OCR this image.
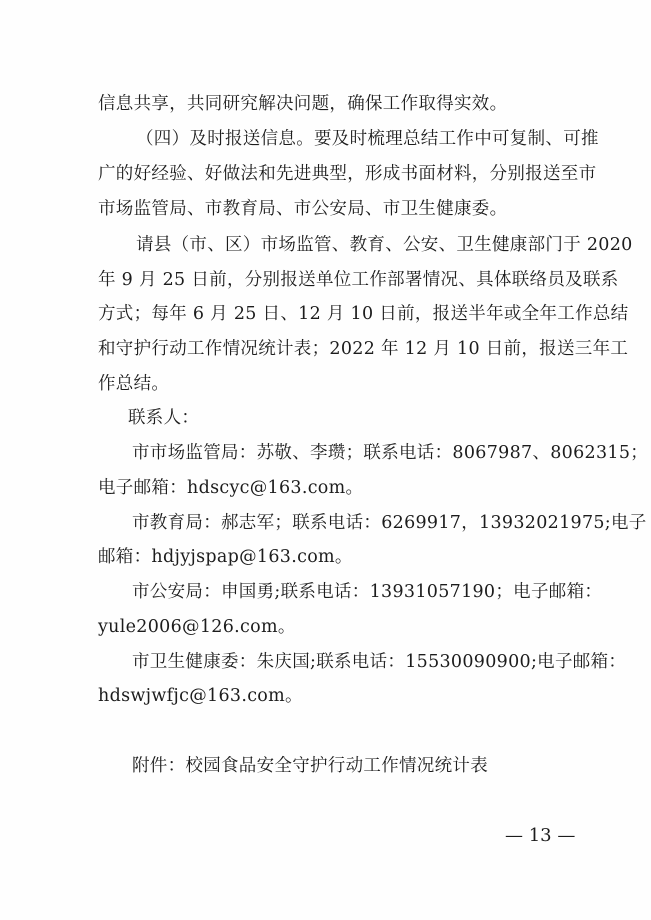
信息共享，共同研究解决问题，确保工作取得实效。
（四）及时报送信息。要及时梳理总结工作中可复制、可推
广的好经验、好做法和先进典型，形成书面材料，分别报送至市
市场监管局、市教育局、市公安局、市卫生健康委。
请县（市、区）市场监管、教育、公安、卫生健康部门于 2020
年 9 月 25 日前，分别报送单位工作部署情况、具体联络员及联系
方式；每年 6 月 25 日、12 月 10 日前，报送半年或全年工作总结
和守护行动工作情况统计表；2022 年 12 月 10 日前，报送三年工
作总结。
联系人：
市市场监管局：苏敬、李瓒；联系电话：8067987、8062315；
电子邮箱：hdscyc@163.com。
市教育局：郝志军；联系电话：6269917，13932021975;电子
邮箱：hdjyjspap@163.com。
市公安局：申国勇;联系电话：13931057190；电子邮箱：
yule2006@126.com。
市卫生健康委：朱庆国;联系电话：15530090900;电子邮箱：
hdswjwfjc@163.com。
附件：校园食品安全守护行动工作情况统计表
— 13 —
